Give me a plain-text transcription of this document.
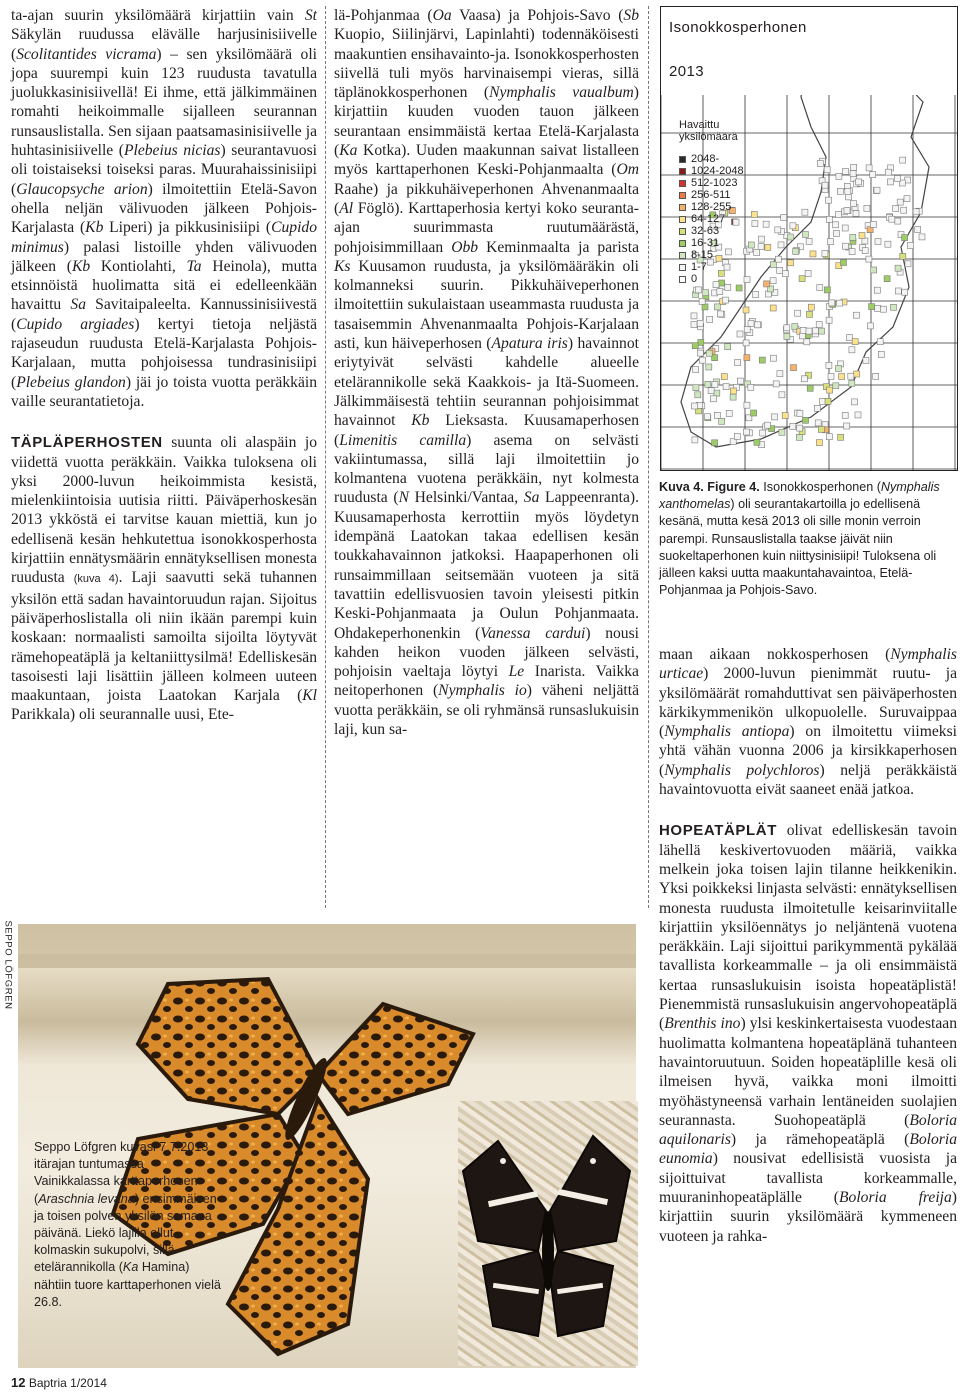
ta-ajan suurin yksilömäärä kirjattiin vain St Säkylän ruudussa elävälle harjusinisiivelle (Scolitantides vicrama) – sen yksilömäärä oli jopa suurempi kuin 123 ruudusta tavatulla juolukkasinisiivellä! Ei ihme, että jälkimmäinen romahti heikoimmalle sijalleen seurannan runsauslistalla. Sen sijaan paatsamasinisiivelle ja huhtasinisiivelle (Plebeius nicias) seurantavuosi oli toistaiseksi toiseksi paras. Muurahaissinisiipi (Glaucopsyche arion) ilmoitettiin Etelä-Savon ohella neljän välivuoden jälkeen Pohjois-Karjalasta (Kb Liperi) ja pikkusinisiipi (Cupido minimus) palasi listoille yhden välivuoden jälkeen (Kb Kontiolahti, Ta Heinola), mutta etsinnöistä huolimatta sitä ei edelleenkään havaittu Sa Savitaipaleelta. Kannussinisiivestä (Cupido argiades) kertyi tietoja neljästä rajaseudun ruudusta Etelä-Karjalasta Pohjois-Karjalaan, mutta pohjoisessa tundrasinisiipi (Plebeius glandon) jäi jo toista vuotta peräkkäin vaille seurantatietoja.

TÄPLÄPERHOSTEN suunta oli alaspäin jo viidettä vuotta peräkkäin. Vaikka tuloksena oli yksi 2000-luvun heikoimmista kesistä, mielenkiintoisia uutisia riitti. Päiväperhoskesän 2013 ykköstä ei tarvitse kauan miettiä, kun jo edellisenä kesän hehkutettua isonokkosperhosta kirjattiin ennätysmäärin ennätyksellisen monesta ruudusta (kuva 4). Laji saavutti sekä tuhannen yksilön että sadan havaintoruudun rajan. Sijoitus päiväperhoslistalla oli niin ikään parempi kuin koskaan: normaalisti samoilta sijoilta löytyvät rämehopeatäplä ja keltaniittysilmä! Edelliskesän tasoisesti laji lisättiin jälleen kolmeen uuteen maakuntaan, joista Laatokan Karjala (Kl Parikkala) oli seurannalle uusi, Ete-

lä-Pohjanmaa (Oa Vaasa) ja Pohjois-Savo (Sb Kuopio, Siilinjärvi, Lapinlahti) todennäköisesti maakuntien ensihavainto-ja. Isonokkosperhosten siivellä tuli myös harvinaisempi vieras, sillä täplänokkosperhonen (Nymphalis vaualbum) kirjattiin kuuden vuoden tauon jälkeen seurantaan ensimmäistä kertaa Etelä-Karjalasta (Ka Kotka). Uuden maakunnan saivat listalleen myös karttaperhonen Keski-Pohjanmaalta (Om Raahe) ja pikkuhäiveperhonen Ahvenanmaalta (Al Föglö). Karttaperhosia kertyi koko seuranta-ajan suurimmasta ruutumäärästä, pohjoisimmillaan Obb Keminmaalta ja parista Ks Kuusamon ruudusta, ja yksilömääräkin oli kolmanneksi suurin. Pikkuhäiveperhonen ilmoitettiin sukulaistaan useammasta ruudusta ja tasaisemmin Ahvenanmaalta Pohjois-Karjalaan asti, kun häiveperhosen (Apatura iris) havainnot eriytyivät selvästi kahdelle alueelle etelärannikolle sekä Kaakkois- ja Itä-Suomeen. Jälkimmäisestä tehtiin seurannan pohjoisimmat havainnot Kb Lieksasta. Kuusamaperhosen (Limenitis camilla) asema on selvästi vakiintumassa, sillä laji ilmoitettiin jo kolmantena vuotena peräkkäin, nyt kolmesta ruudusta (N Helsinki/Vantaa, Sa Lappeenranta). Kuusamaperhosta kerrottiin myös löydetyn idempänä Laatokan takaa edellisen kesän toukkahavainnon jatkoksi. Haapaperhonen oli runsaimmillaan seitsemään vuoteen ja sitä tavattiin edellisvuosien tavoin yleisesti pitkin Keski-Pohjanmaata ja Oulun Pohjanmaata. Ohdakeperhonenkin (Vanessa cardui) nousi kahden heikon vuoden jälkeen selvästi, pohjoisin vaeltaja löytyi Le Inarista. Vaikka neitoperhonen (Nymphalis io) väheni neljättä vuotta peräkkäin, se oli ryhmänsä runsaslukuisin laji, kun sa-

Isonokkosperhonen
2013
Havaittu
yksilömäärä
2048-
1024-2048
512-1023
256-511
128-255
64-127
32-63
16-31
8-15
1-7
0
Kuva 4. Figure 4. Isonokkosperhonen (Nymphalis xanthomelas) oli seurantakartoilla jo edellisenä kesänä, mutta kesä 2013 oli sille monin verroin parempi. Runsauslistalla taakse jäivät niin suokeltaperhonen kuin niittysinisiipi! Tuloksena oli jälleen kaksi uutta maakuntahavaintoa, Etelä-Pohjanmaa ja Pohjois-Savo.

maan aikaan nokkosperhosen (Nymphalis urticae) 2000-luvun pienimmät ruutu- ja yksilömäärät romahduttivat sen päiväperhosten kärkikymmenikön ulkopuolelle. Suruvaippaa (Nymphalis antiopa) on ilmoitettu viimeksi yhtä vähän vuonna 2006 ja kirsikkaperhosen (Nymphalis polychloros) neljä peräkkäistä havaintovuotta eivät saaneet enää jatkoa.

HOPEATÄPLÄT olivat edelliskesän tavoin lähellä keskivertovuoden määriä, vaikka melkein joka toisen lajin tilanne heikkenikin. Yksi poikkeksi linjasta selvästi: ennätyksellisen monesta ruudusta ilmoitetulle keisarinviitalle kirjattiin yksilöennätys jo neljäntenä vuotena peräkkäin. Laji sijoittui parikymmentä pykälää tavallista korkeammalle – ja oli ensimmäistä kertaa runsaslukuisin isoista hopeatäplistä! Pienemmistä runsaslukuisin angervohopeatäplä (Brenthis ino) ylsi keskinkertaisesta vuodestaan huolimatta kolmantena hopeatäplänä tuhanteen havaintoruutuun. Soiden hopeatäplille kesä oli ilmeisen hyvä, vaikka moni ilmoitti myöhästyneensä varhain lentäneiden suolajien seurannasta. Suohopeatäplä (Boloria aquilonaris) ja rämehopeatäplä (Boloria eunomia) nousivat edellisistä vuosista ja sijoittuivat tavallista korkeammalle, muuraninhopeatäplälle (Boloria freija) kirjattiin suurin yksilömäärä kymmeneen vuoteen ja rahka-

SEPPO LÖFGREN
Seppo Löfgren kuvasi 7.7.2013 itärajan tuntumassa Vainikkalassa karttaperhosen (Araschnia levana) ensimmäisen ja toisen polven yksilön samana päivänä. Liekö lajilla ollut kolmaskin sukupolvi, sillä etelärannikolla (Ka Hamina) nähtiin tuore karttaperhonen vielä 26.8.
12 Baptria 1/2014
